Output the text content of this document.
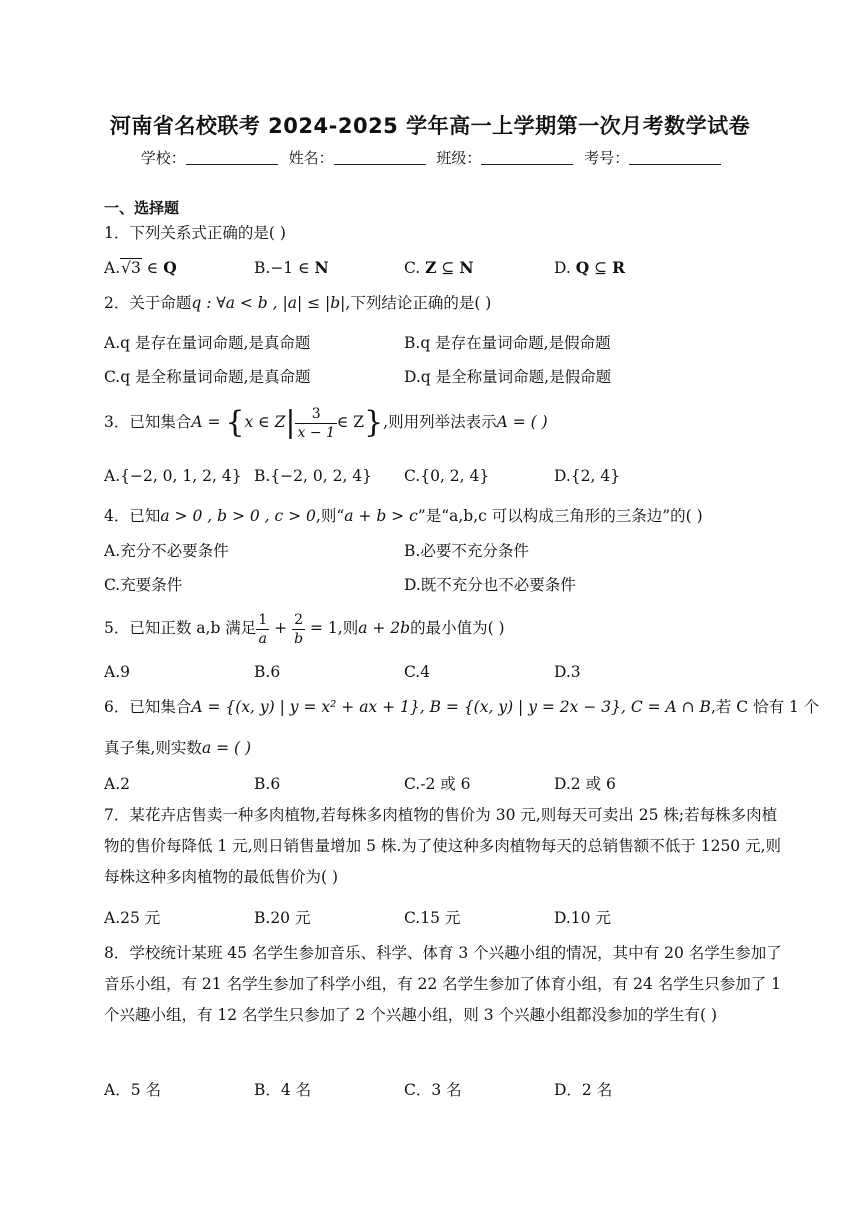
河南省名校联考 2024-2025 学年高一上学期第一次月考数学试卷
学校：	姓名：	班级：	考号：
一、选择题
1．下列关系式正确的是( )
A.√3 ∈ Q	B.−1 ∈ N	C. Z ⊆ N	D. Q ⊆ R
2．关于命题q : ∀a < b , |a| ≤ |b|,下列结论正确的是( )
A.q 是存在量词命题,是真命题	B.q 是存在量词命题,是假命题
C.q 是全称量词命题,是真命题	D.q 是全称量词命题,是假命题
3．已知集合A = {x ∈ $Z| \frac{3}{x - 1}$ ∈ Z},则用列举法表示A = ( )
A.{−2, 0, 1, 2, 4} B.{−2, 0, 2, 4} C.{0, 2, 4}	D.{2, 4}
4．已知a > 0 , b > 0 , c > 0,则“a + b > c”是“a,b,c 可以构成三角形的三条边”的( )
A.充分不必要条件	B.必要不充分条件
C.充要条件	D.既不充分也不必要条件
5．已知正数 a,b 满足 $\frac{1}{a} + \frac{2}{b} = 1$,则a + 2b的最小值为( )
A.9	B.6	C.4	D.3
6．已知集合A = {(x, y) | y = x² + ax + 1}, B = {(x, y) | y = 2x − 3}, C = A ∩ B,若 C 恰有 1 个
真子集,则实数a = ( )
A.2	B.6	C.-2 或 6	D.2 或 6
7．某花卉店售卖一种多肉植物,若每株多肉植物的售价为 30 元,则每天可卖出 25 株;若每株多肉植物的售价每降低 1 元,则日销售量增加 5 株.为了使这种多肉植物每天的总销售额不低于 1250 元,则每株这种多肉植物的最低售价为( )
A.25 元	B.20 元	C.15 元	D.10 元
8．学校统计某班 45 名学生参加音乐、科学、体育 3 个兴趣小组的情况，其中有 20 名学生参加了音乐小组，有 21 名学生参加了科学小组，有 22 名学生参加了体育小组，有 24 名学生只参加了 1 个兴趣小组，有 12 名学生只参加了 2 个兴趣小组，则 3 个兴趣小组都没参加的学生有( )
A．5 名	B．4 名	C．3 名	D．2 名
